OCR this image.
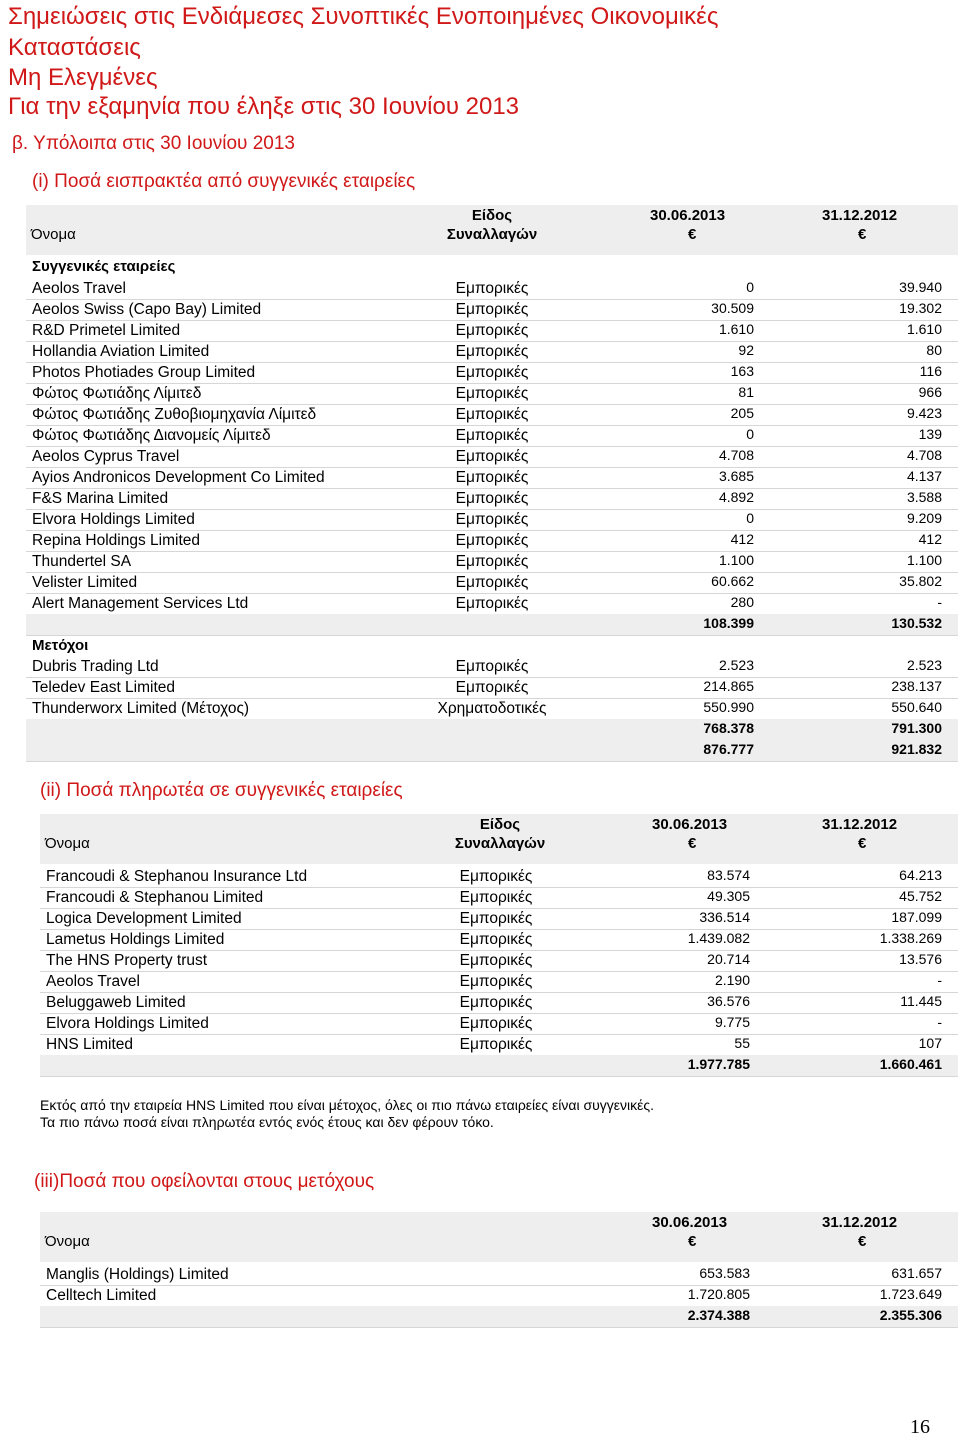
Σημειώσεις στις Ενδιάμεσες Συνοπτικές Ενοποιημένες Οικονομικές
Καταστάσεις
Μη Ελεγμένες
Για την εξαμηνία που έληξε στις 30 Ιουνίου 2013
β. Υπόλοιπα στις 30 Ιουνίου 2013
(i) Ποσά εισπρακτέα από συγγενικές εταιρείες
Όνομα
Είδος
Συναλλαγών
30.06.2013
€
31.12.2012
€
Συγγενικές εταιρείες
Aeolos Travel	Εμπορικές	0	39.940
Aeolos Swiss (Capo Bay) Limited	Εμπορικές	30.509	19.302
R&D Primetel Limited	Εμπορικές	1.610	1.610
Hollandia Aviation Limited	Εμπορικές	92	80
Photos Photiades Group Limited	Εμπορικές	163	116
Φώτος Φωτιάδης Λίμιτεδ	Εμπορικές	81	966
Φώτος Φωτιάδης Ζυθοβιομηχανία Λίμιτεδ	Εμπορικές	205	9.423
Φώτος Φωτιάδης Διανομείς Λίμιτεδ	Εμπορικές	0	139
Aeolos Cyprus Travel	Εμπορικές	4.708	4.708
Ayios Andronicos Development Co Limited	Εμπορικές	3.685	4.137
F&S Marina Limited	Εμπορικές	4.892	3.588
Elvora Holdings Limited	Εμπορικές	0	9.209
Repina Holdings Limited	Εμπορικές	412	412
Thundertel SA	Εμπορικές	1.100	1.100
Velister Limited	Εμπορικές	60.662	35.802
Alert Management Services Ltd	Εμπορικές	280	-
108.399	130.532
Μετόχοι
Dubris Trading Ltd	Εμπορικές	2.523	2.523
Teledev East Limited	Εμπορικές	214.865	238.137
Thunderworx Limited (Μέτοχος)	Χρηματοδοτικές	550.990	550.640
768.378	791.300
876.777	921.832
(ii) Ποσά πληρωτέα σε συγγενικές εταιρείες
Όνομα
Είδος
Συναλλαγών
30.06.2013
€
31.12.2012
€
Francoudi & Stephanou Insurance Ltd	Εμπορικές	83.574	64.213
Francoudi & Stephanou Limited	Εμπορικές	49.305	45.752
Logica Development Limited	Εμπορικές	336.514	187.099
Lametus Holdings Limited	Εμπορικές	1.439.082	1.338.269
The HNS Property trust	Εμπορικές	20.714	13.576
Aeolos Travel	Εμπορικές	2.190	-
Beluggaweb Limited	Εμπορικές	36.576	11.445
Elvora Holdings Limited	Εμπορικές	9.775	-
HNS Limited	Εμπορικές	55	107
1.977.785	1.660.461
Εκτός από την εταιρεία HNS Limited που είναι μέτοχος, όλες οι πιο πάνω εταιρείες είναι συγγενικές.
Τα πιο πάνω ποσά είναι πληρωτέα εντός ενός έτους και δεν φέρουν τόκο.
(iii)Ποσά που οφείλονται στους μετόχους
Όνομα
30.06.2013
€
31.12.2012
€
Manglis (Holdings) Limited	653.583	631.657
Celltech Limited	1.720.805	1.723.649
2.374.388	2.355.306
16
